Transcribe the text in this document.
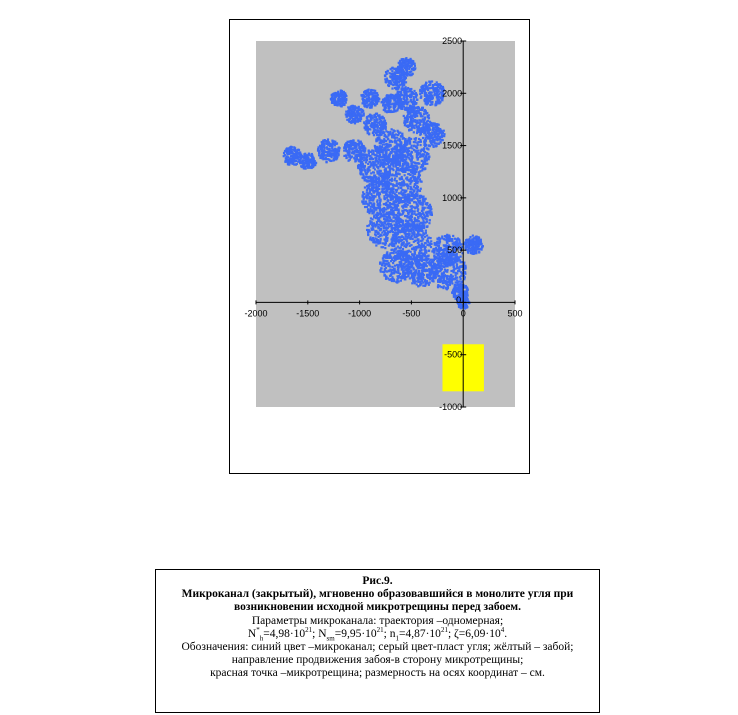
-2000	-1500	-1000	-500	0	500
-1000
-500
500
1000
1500
2000
2500
0
Рис.9.
Микроканал (закрытый), мгновенно образовавшийся в монолите угля при
возникновении исходной микротрещины перед забоем.
Параметры микроканала: траектория –одномерная;
$N^*_h=4,98\cdot 10^{21}$; $N_{sm}=9,95\cdot 10^{21}$; $n_1=4,87\cdot 10^{21}$; $\zeta=6,09\cdot 10^4$.
Обозначения: синий цвет –микроканал; серый цвет-пласт угля; жёлтый – забой;
направление продвижения забоя-в сторону микротрещины;
красная точка –микротрещина; размерность на осях координат – см.
